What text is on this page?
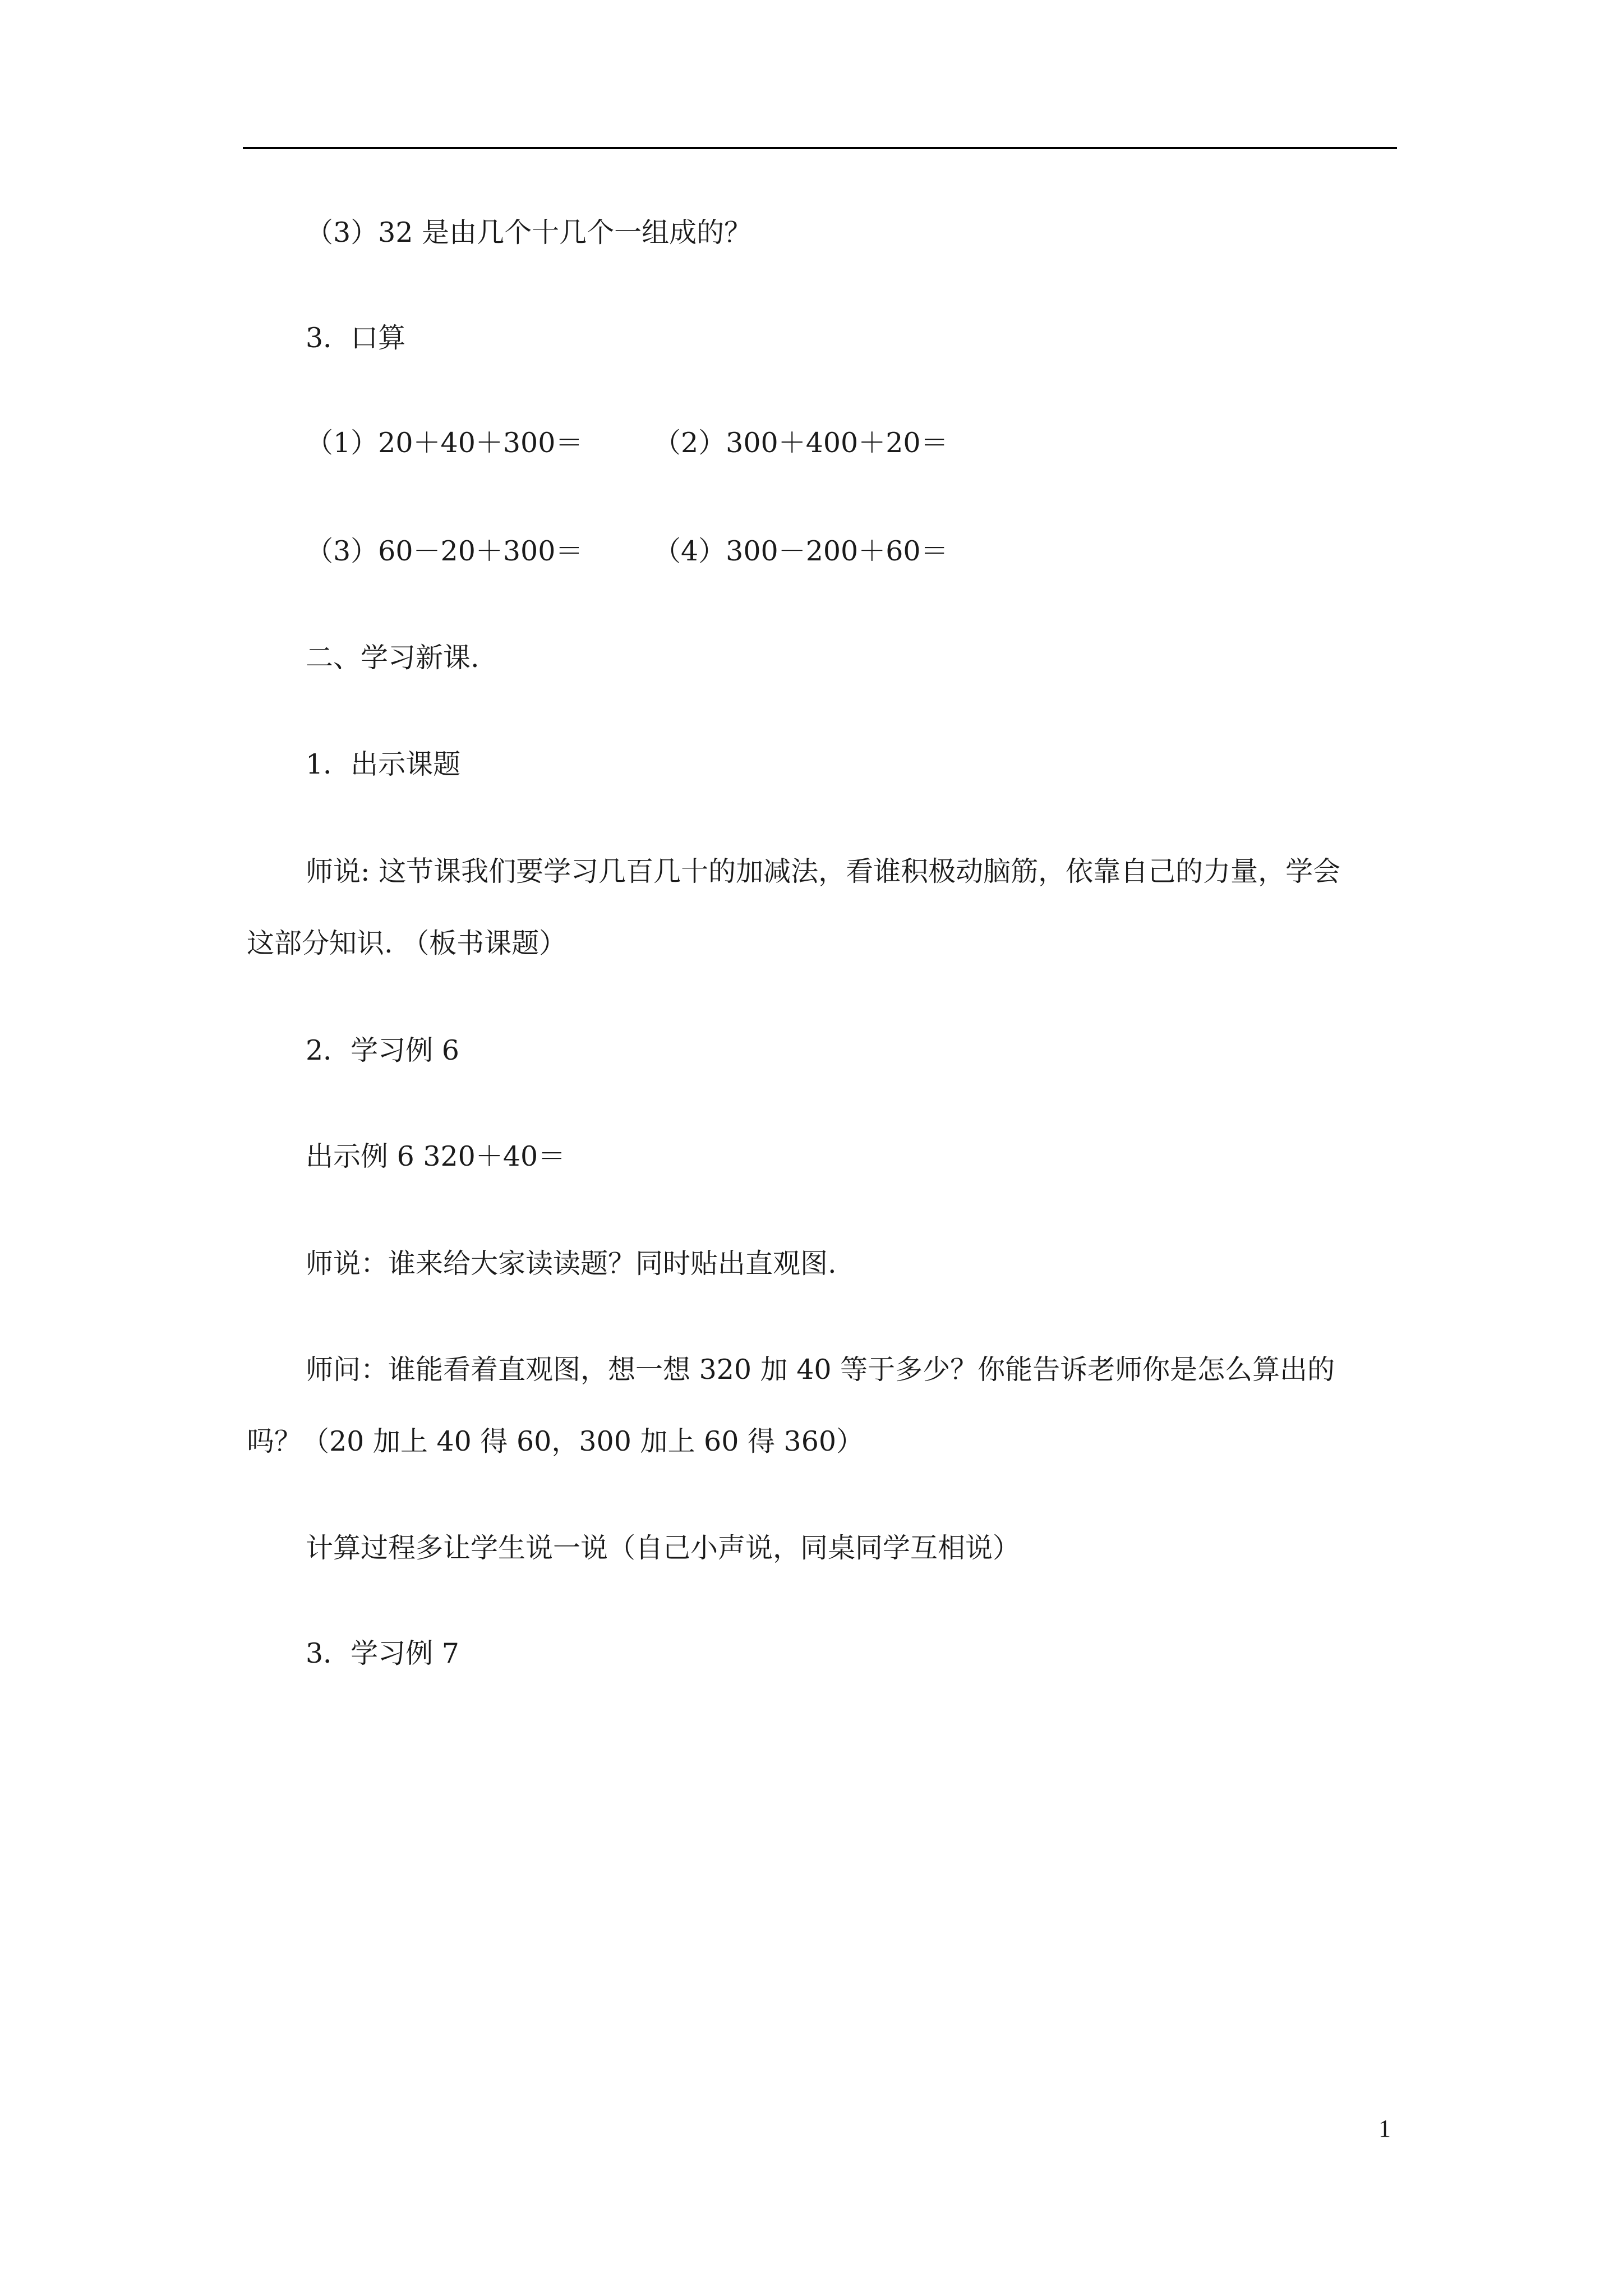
（3）32 是由几个十几个一组成的？
3．口算
（1）20＋40＋300＝	（2）300＋400＋20＝
（3）60－20＋300＝	（4）300－200＋60＝
二、学习新课.
1．出示课题
师说: 这节课我们要学习几百几十的加减法，看谁积极动脑筋，依靠自己的力量，学会
这部分知识. （板书课题）
2．学习例 6
出示例 6 320＋40＝
师说：谁来给大家读读题？同时贴出直观图.
师问：谁能看着直观图，想一想 320 加 40 等于多少？你能告诉老师你是怎么算出的
吗？（20 加上 40 得 60，300 加上 60 得 360）
计算过程多让学生说一说（自己小声说，同桌同学互相说）
3．学习例 7
1
